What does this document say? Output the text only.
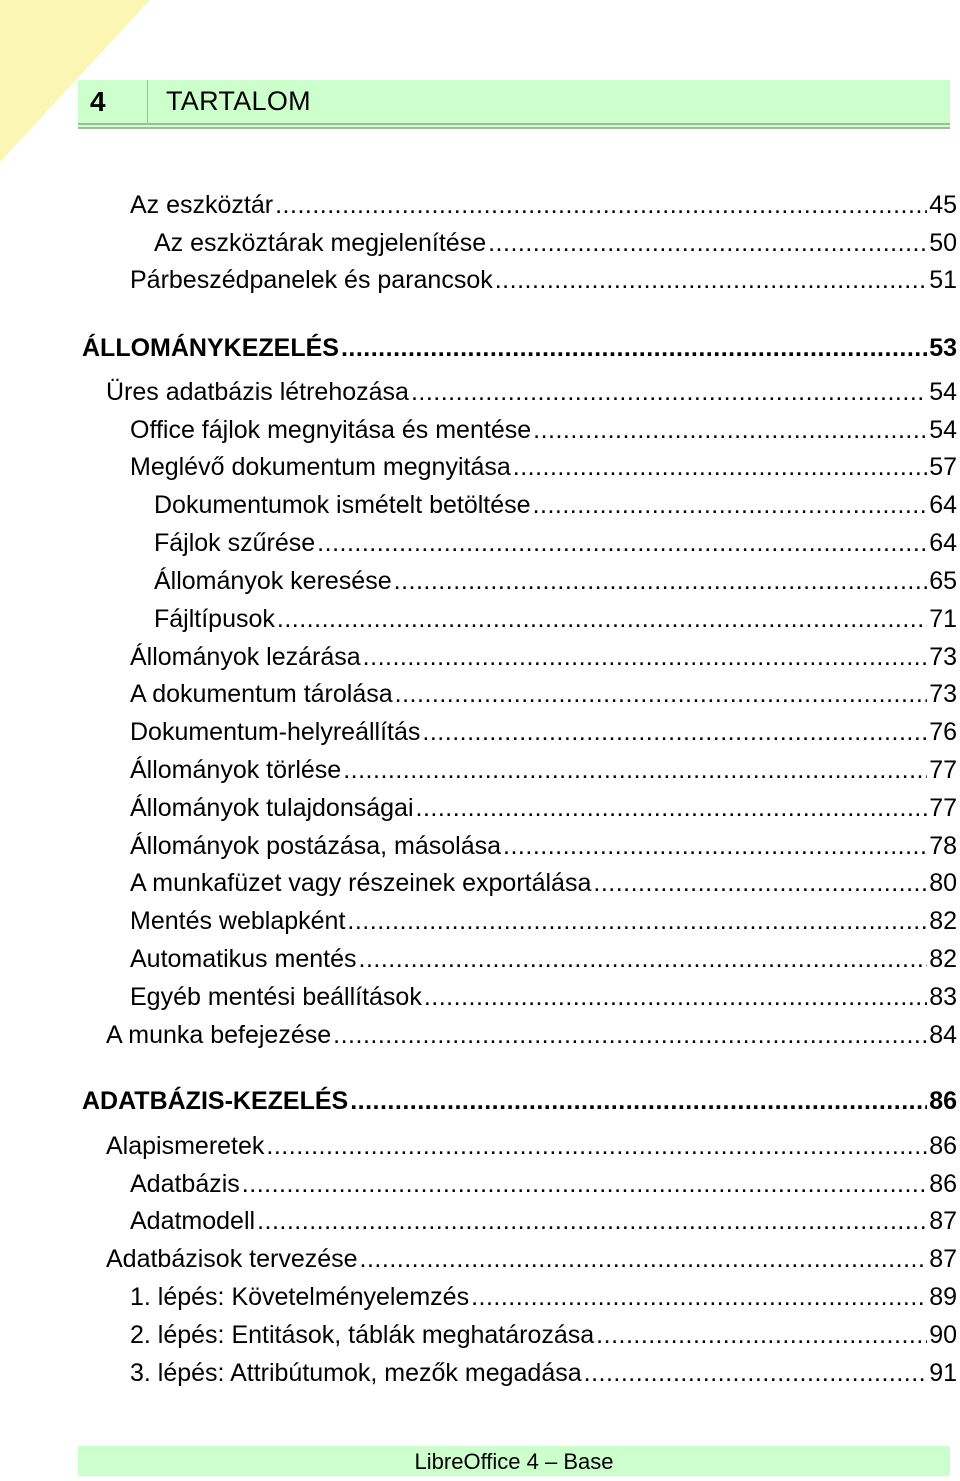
4	TARTALOM
Az eszköztár .....	45
Az eszköztárak megjelenítése .....	50
Párbeszédpanelek és parancsok .....	51
ÁLLOMÁNYKEZELÉS .....	53
Üres adatbázis létrehozása .....	54
Office fájlok megnyitása és mentése .....	54
Meglévő dokumentum megnyitása .....	57
Dokumentumok ismételt betöltése .....	64
Fájlok szűrése .....	64
Állományok keresése .....	65
Fájltípusok .....	71
Állományok lezárása .....	73
A dokumentum tárolása .....	73
Dokumentum-helyreállítás .....	76
Állományok törlése .....	77
Állományok tulajdonságai .....	77
Állományok postázása, másolása .....	78
A munkafüzet vagy részeinek exportálása .....	80
Mentés weblapként .....	82
Automatikus mentés .....	82
Egyéb mentési beállítások .....	83
A munka befejezése .....	84
ADATBÁZIS-KEZELÉS .....	86
Alapismeretek .....	86
Adatbázis .....	86
Adatmodell .....	87
Adatbázisok tervezése .....	87
1. lépés: Követelményelemzés .....	89
2. lépés: Entitások, táblák meghatározása .....	90
3. lépés: Attribútumok, mezők megadása .....	91
LibreOffice 4 – Base
